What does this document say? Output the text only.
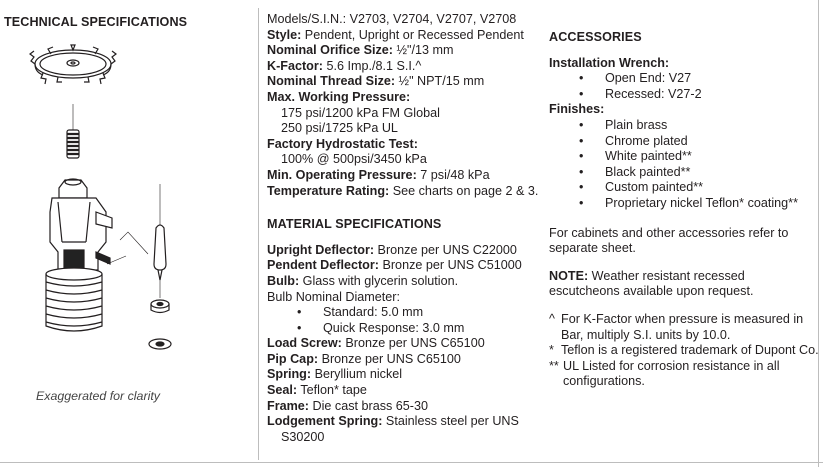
TECHNICAL SPECIFICATIONS
Exaggerated for clarity
Models/S.I.N.: V2703, V2704, V2707, V2708
Style: Pendent, Upright or Recessed Pendent
Nominal Orifice Size: ½"/13 mm
K-Factor: 5.6 Imp./8.1 S.I.^
Nominal Thread Size: ½" NPT/15 mm
Max. Working Pressure:
175 psi/1200 kPa FM Global
250 psi/1725 kPa UL
Factory Hydrostatic Test:
100% @ 500psi/3450 kPa
Min. Operating Pressure: 7 psi/48 kPa
Temperature Rating: See charts on page 2 & 3.
MATERIAL SPECIFICATIONS
Upright Deflector: Bronze per UNS C22000
Pendent Deflector: Bronze per UNS C51000
Bulb: Glass with glycerin solution.
Bulb Nominal Diameter:
• Standard: 5.0 mm
• Quick Response: 3.0 mm
Load Screw: Bronze per UNS C65100
Pip Cap: Bronze per UNS C65100
Spring: Beryllium nickel
Seal: Teflon* tape
Frame: Die cast brass 65-30
Lodgement Spring: Stainless steel per UNS
S30200
ACCESSORIES
Installation Wrench:
• Open End: V27
• Recessed: V27-2
Finishes:
• Plain brass
• Chrome plated
• White painted**
• Black painted**
• Custom painted**
• Proprietary nickel Teflon* coating**
For cabinets and other accessories refer to separate sheet.
NOTE: Weather resistant recessed escutcheons available upon request.
^ For K-Factor when pressure is measured in Bar, multiply S.I. units by 10.0.
* Teflon is a registered trademark of Dupont Co.
** UL Listed for corrosion resistance in all configurations.
